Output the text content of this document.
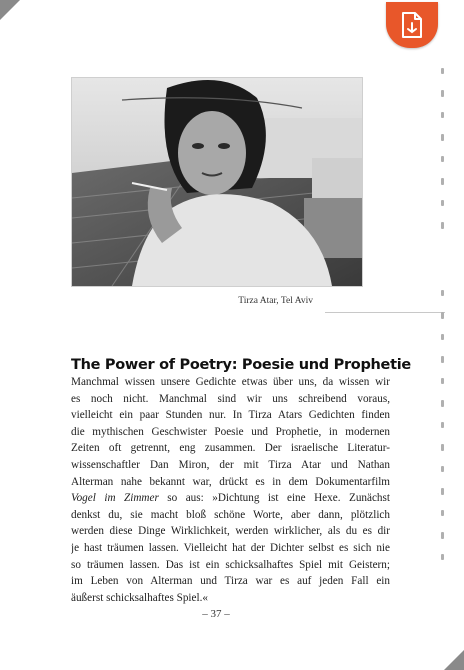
Tirza Atar, Tel Aviv
The Power of Poetry: Poesie und Prophetie
Manchmal wissen unsere Gedichte etwas über uns, da wissen wir
es noch nicht. Manchmal sind wir uns schreibend voraus,
vielleicht ein paar Stunden nur. In Tirza Atars Gedichten finden
die mythischen Geschwister Poesie und Prophetie, in modernen
Zeiten oft getrennt, eng zusammen. Der israelische Literatur-
wissenschaftler Dan Miron, der mit Tirza Atar und Nathan
Alterman nahe bekannt war, drückt es in dem Dokumentarfilm
Vogel im Zimmer so aus: »Dichtung ist eine Hexe. Zunächst
denkst du, sie macht bloß schöne Worte, aber dann, plötzlich
werden diese Dinge Wirklichkeit, werden wirklicher, als du es dir
je hast träumen lassen. Vielleicht hat der Dichter selbst es sich nie
so träumen lassen. Das ist ein schicksalhaftes Spiel mit Geistern;
im Leben von Alterman und Tirza war es auf jeden Fall ein
äußerst schicksalhaftes Spiel.«
– 37 –
